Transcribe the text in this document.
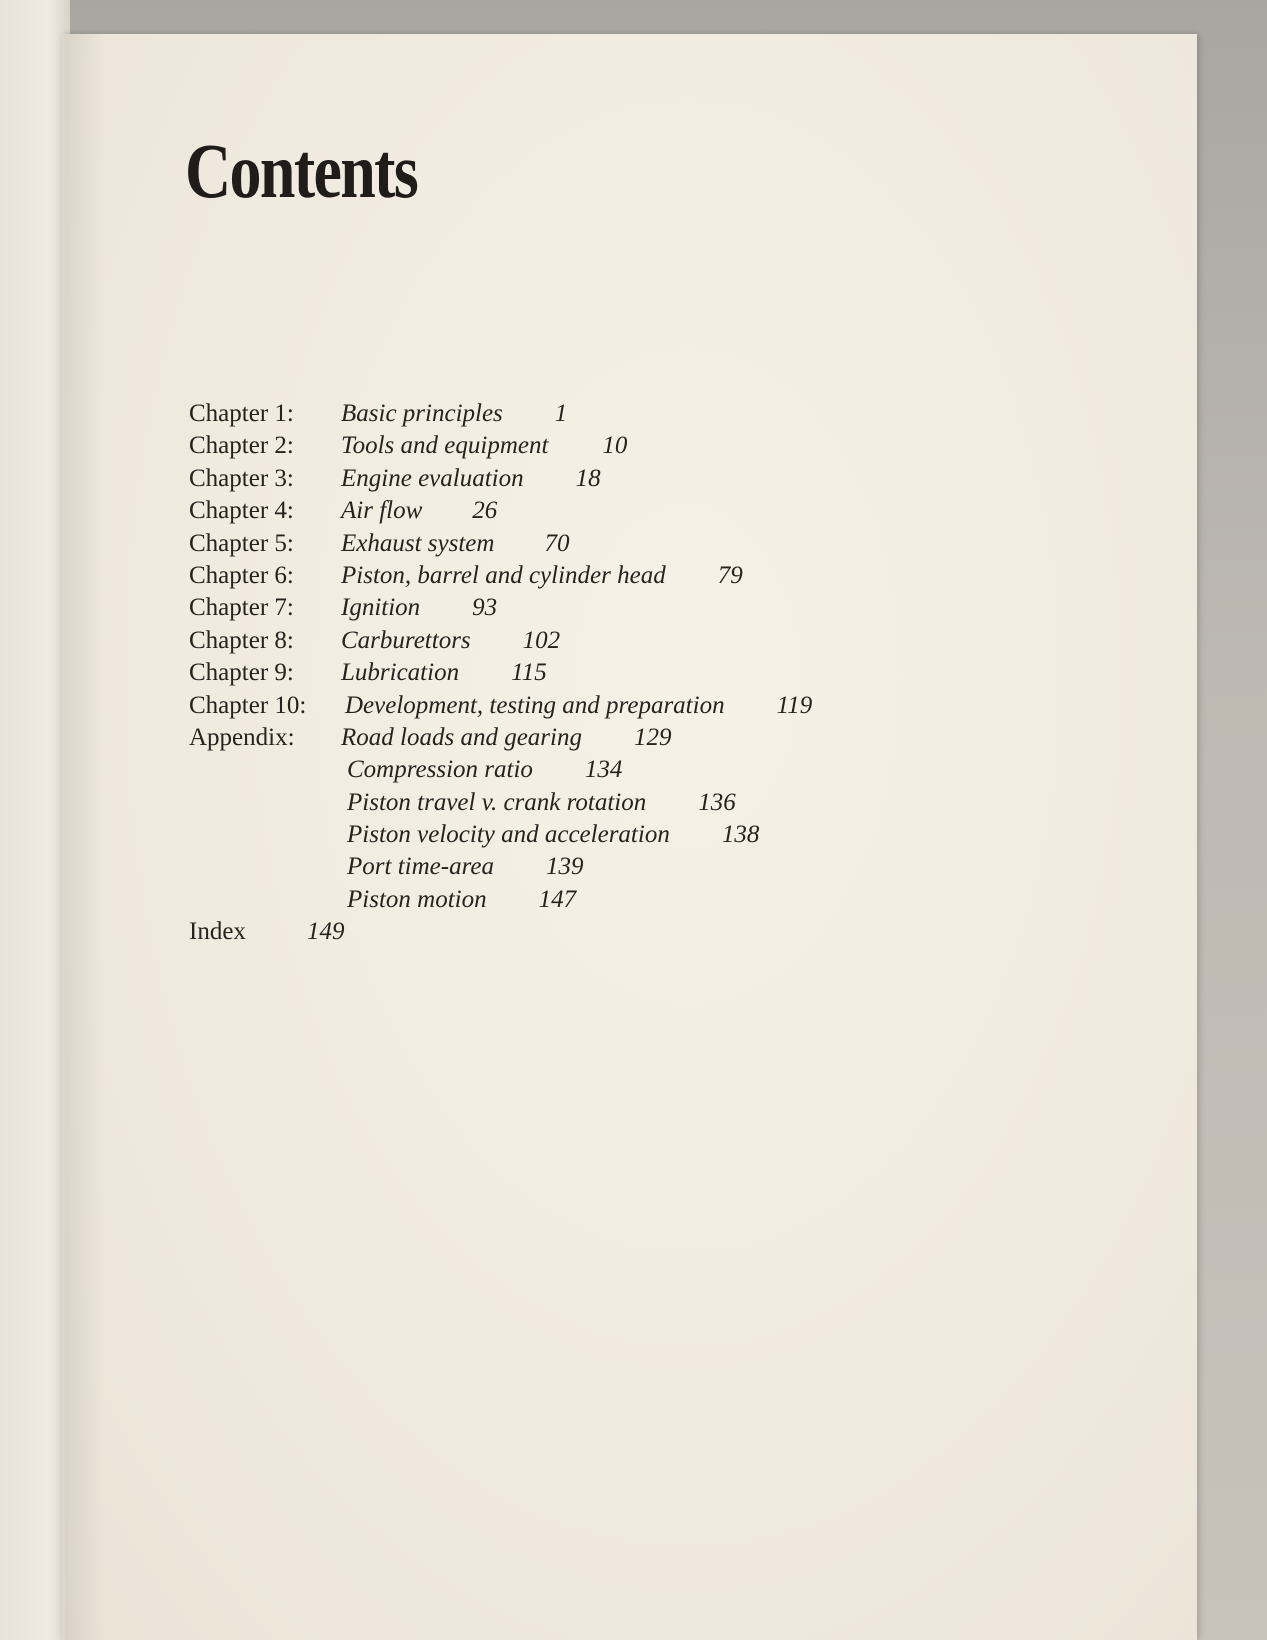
Contents
Chapter 1: Basic principles 1
Chapter 2: Tools and equipment 10
Chapter 3: Engine evaluation 18
Chapter 4: Air flow 26
Chapter 5: Exhaust system 70
Chapter 6: Piston, barrel and cylinder head 79
Chapter 7: Ignition 93
Chapter 8: Carburettors 102
Chapter 9: Lubrication 115
Chapter 10: Development, testing and preparation 119
Appendix: Road loads and gearing 129
Compression ratio 134
Piston travel v. crank rotation 136
Piston velocity and acceleration 138
Port time-area 139
Piston motion 147
Index 149
